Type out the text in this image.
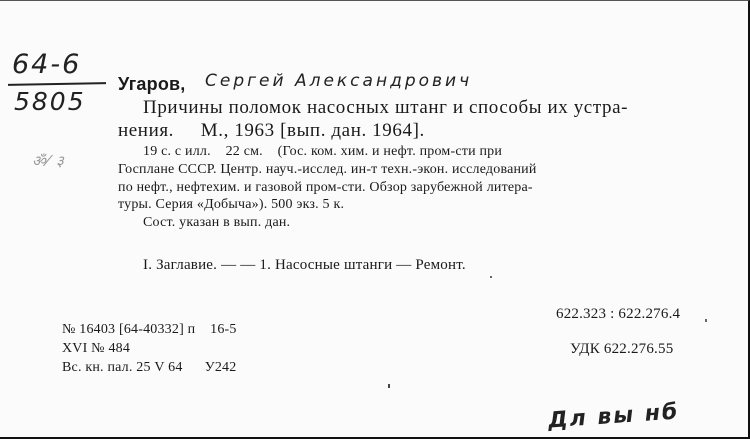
64-6
5805
ॐ⁄ ३
Угаров, Сергей Александрович
Причины поломок насосных штанг и способы их устра-
нения.     М., 1963 [вып. дан. 1964].
19 с. с илл.    22 см.    (Гос. ком. хим. и нефт. пром-сти при
Госплане СССР. Центр. науч.-исслед. ин-т техн.-экон. исследований
по нефт., нефтехим. и газовой пром-сти. Обзор зарубежной литера-
туры. Серия «Добыча»). 500 экз. 5 к.
Сост. указан в вып. дан.
I. Заглавие. — — 1. Насосные штанги — Ремонт.
622.323 : 622.276.4
УДК 622.276.55
№ 16403 [64-40332] п    16-5
XVI № 484
Вс. кн. пал. 25 V 64      У242
Дл вы нб
